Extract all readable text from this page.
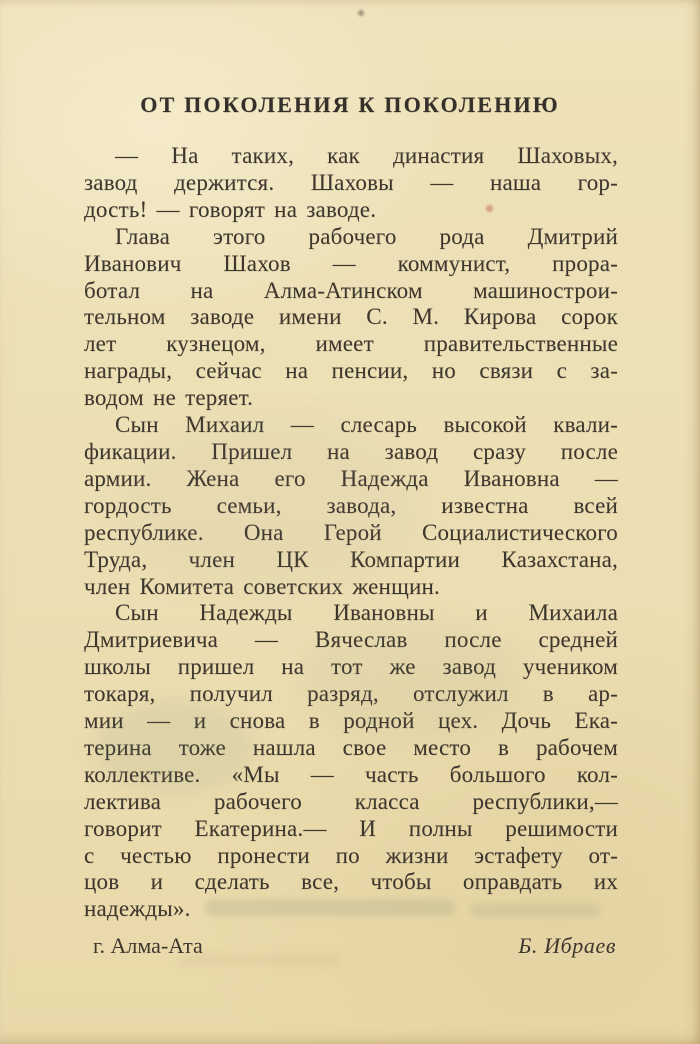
ОТ ПОКОЛЕНИЯ К ПОКОЛЕНИЮ
— На таких, как династия Шаховых,
завод держится. Шаховы — наша гор-
дость! — говорят на заводе.
Глава этого рабочего рода Дмитрий
Иванович Шахов — коммунист, прора-
ботал на Алма-Атинском машинострои-
тельном заводе имени С. М. Кирова сорок
лет кузнецом, имеет правительственные
награды, сейчас на пенсии, но связи с за-
водом не теряет.
Сын Михаил — слесарь высокой квали-
фикации. Пришел на завод сразу после
армии. Жена его Надежда Ивановна —
гордость семьи, завода, известна всей
республике. Она Герой Социалистического
Труда, член ЦК Компартии Казахстана,
член Комитета советских женщин.
Сын Надежды Ивановны и Михаила
Дмитриевича — Вячеслав после средней
школы пришел на тот же завод учеником
токаря, получил разряд, отслужил в ар-
мии — и снова в родной цех. Дочь Ека-
терина тоже нашла свое место в рабочем
коллективе. «Мы — часть большого кол-
лектива рабочего класса республики,—
говорит Екатерина.— И полны решимости
с честью пронести по жизни эстафету от-
цов и сделать все, чтобы оправдать их
надежды».
г. Алма-Ата	Б. Ибраев
